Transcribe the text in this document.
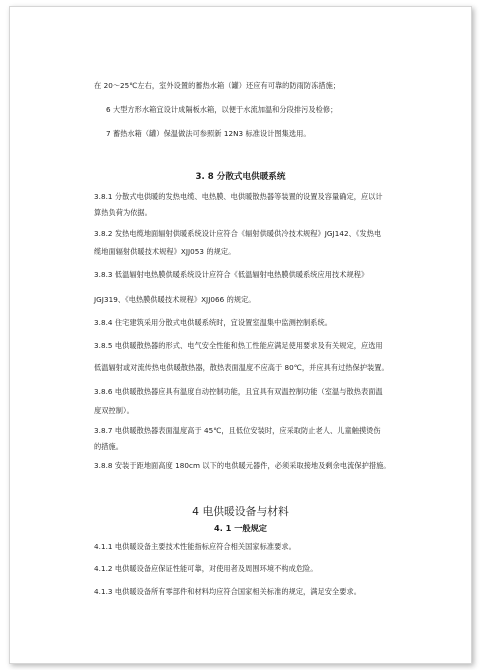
在 20～25℃左右，室外设置的蓄热水箱（罐）还应有可靠的防雨防冻措施；
6 大型方形水箱宜设计成隔板水箱，以便于水流加温和分段排污及检修；
7 蓄热水箱（罐）保温做法可参照新 12N3 标准设计图集选用。
3. 8 分散式电供暖系统
3.8.1 分散式电供暖的发热电缆、电热膜、电供暖散热器等装置的设置及容量确定，应以计
算热负荷为依据。
3.8.2 发热电缆地面辐射供暖系统设计应符合《辐射供暖供冷技术规程》JGJ142、《发热电
缆地面辐射供暖技术规程》XJJ053 的规定。
3.8.3 低温辐射电热膜供暖系统设计应符合《低温辐射电热膜供暖系统应用技术规程》
JGJ319、《电热膜供暖技术规程》XJJ066 的规定。
3.8.4 住宅建筑采用分散式电供暖系统时，宜设置室温集中监测控制系统。
3.8.5 电供暖散热器的形式、电气安全性能和热工性能应满足使用要求及有关规定，应选用
低温辐射或对流传热电供暖散热器，散热表面温度不应高于 80℃，并应具有过热保护装置。
3.8.6 电供暖散热器应具有温度自动控制功能，且宜具有双温控制功能（室温与散热表面温
度双控制）。
3.8.7 电供暖散热器表面温度高于 45℃，且低位安装时，应采取防止老人、儿童触摸烫伤
的措施。
3.8.8 安装于距地面高度 180cm 以下的电供暖元器件，必须采取接地及剩余电流保护措施。
4 电供暖设备与材料
4. 1 一般规定
4.1.1 电供暖设备主要技术性能指标应符合相关国家标准要求。
4.1.2 电供暖设备应保证性能可靠，对使用者及周围环境不构成危险。
4.1.3 电供暖设备所有零部件和材料均应符合国家相关标准的规定，满足安全要求。
